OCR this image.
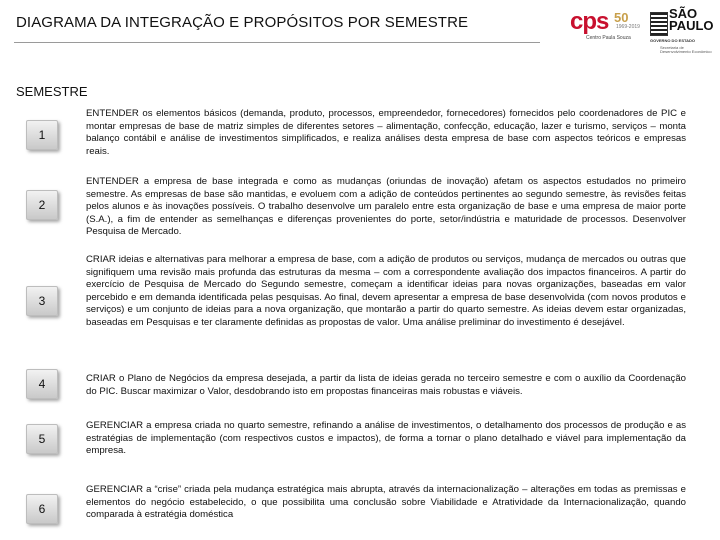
DIAGRAMA DA INTEGRAÇÃO E PROPÓSITOS POR SEMESTRE	cps 50
1969-2019
Centro Paula Souza
SÃO
PAULO
GOVERNO DO ESTADO
Secretaria de Desenvolvimento Econômico
SEMESTRE
1
ENTENDER os elementos básicos (demanda, produto, processos, empreendedor, fornecedores) fornecidos pelo coordenadores de PIC e montar empresas de base de matriz simples de diferentes setores – alimentação, confecção, educação, lazer e turismo, serviços – monta balanço contábil e análise de investimentos simplificados, e realiza análises desta empresa de base com aspectos teóricos e empresas reais.
2
ENTENDER a empresa de base integrada e como as mudanças (oriundas de inovação) afetam os aspectos estudados no primeiro semestre. As empresas de base são mantidas, e evoluem com a adição de conteúdos pertinentes ao segundo semestre, às revisões feitas pelos alunos e às inovações possíveis. O trabalho desenvolve um paralelo entre esta organização de base e uma empresa de maior porte (S.A.), a fim de entender as semelhanças e diferenças provenientes do porte, setor/indústria e maturidade de processos. Desenvolver Pesquisa de Mercado.
3
CRIAR ideias e alternativas para melhorar a empresa de base, com a adição de produtos ou serviços, mudança de mercados ou outras que signifiquem uma revisão mais profunda das estruturas da mesma – com a correspondente avaliação dos impactos financeiros. A partir do exercício de Pesquisa de Mercado do Segundo semestre, começam a identificar ideias para novas organizações, baseadas em valor percebido e em demanda identificada pelas pesquisas. Ao final, devem apresentar a empresa de base desenvolvida (com novos produtos e serviços) e um conjunto de ideias para a nova organização, que montarão a partir do quarto semestre. As ideias devem estar organizadas, baseadas em Pesquisas e ter claramente definidas as propostas de valor. Uma análise preliminar do investimento é desejável.
4	CRIAR o Plano de Negócios da empresa desejada, a partir da lista de ideias gerada no terceiro semestre e com o auxílio da Coordenação do PIC. Buscar maximizar o Valor, desdobrando isto em propostas financeiras mais robustas e viáveis.
5
GERENCIAR a empresa criada no quarto semestre, refinando a análise de investimentos, o detalhamento dos processos de produção e as estratégias de implementação (com respectivos custos e impactos), de forma a tornar o plano detalhado e viável para implementação da empresa.
6
GERENCIAR a “crise” criada pela mudança estratégica mais abrupta, através da internacionalização – alterações em todas as premissas e elementos do negócio estabelecido, o que possibilita uma conclusão sobre Viabilidade e Atratividade da Internacionalização, quando comparada à estratégia doméstica
